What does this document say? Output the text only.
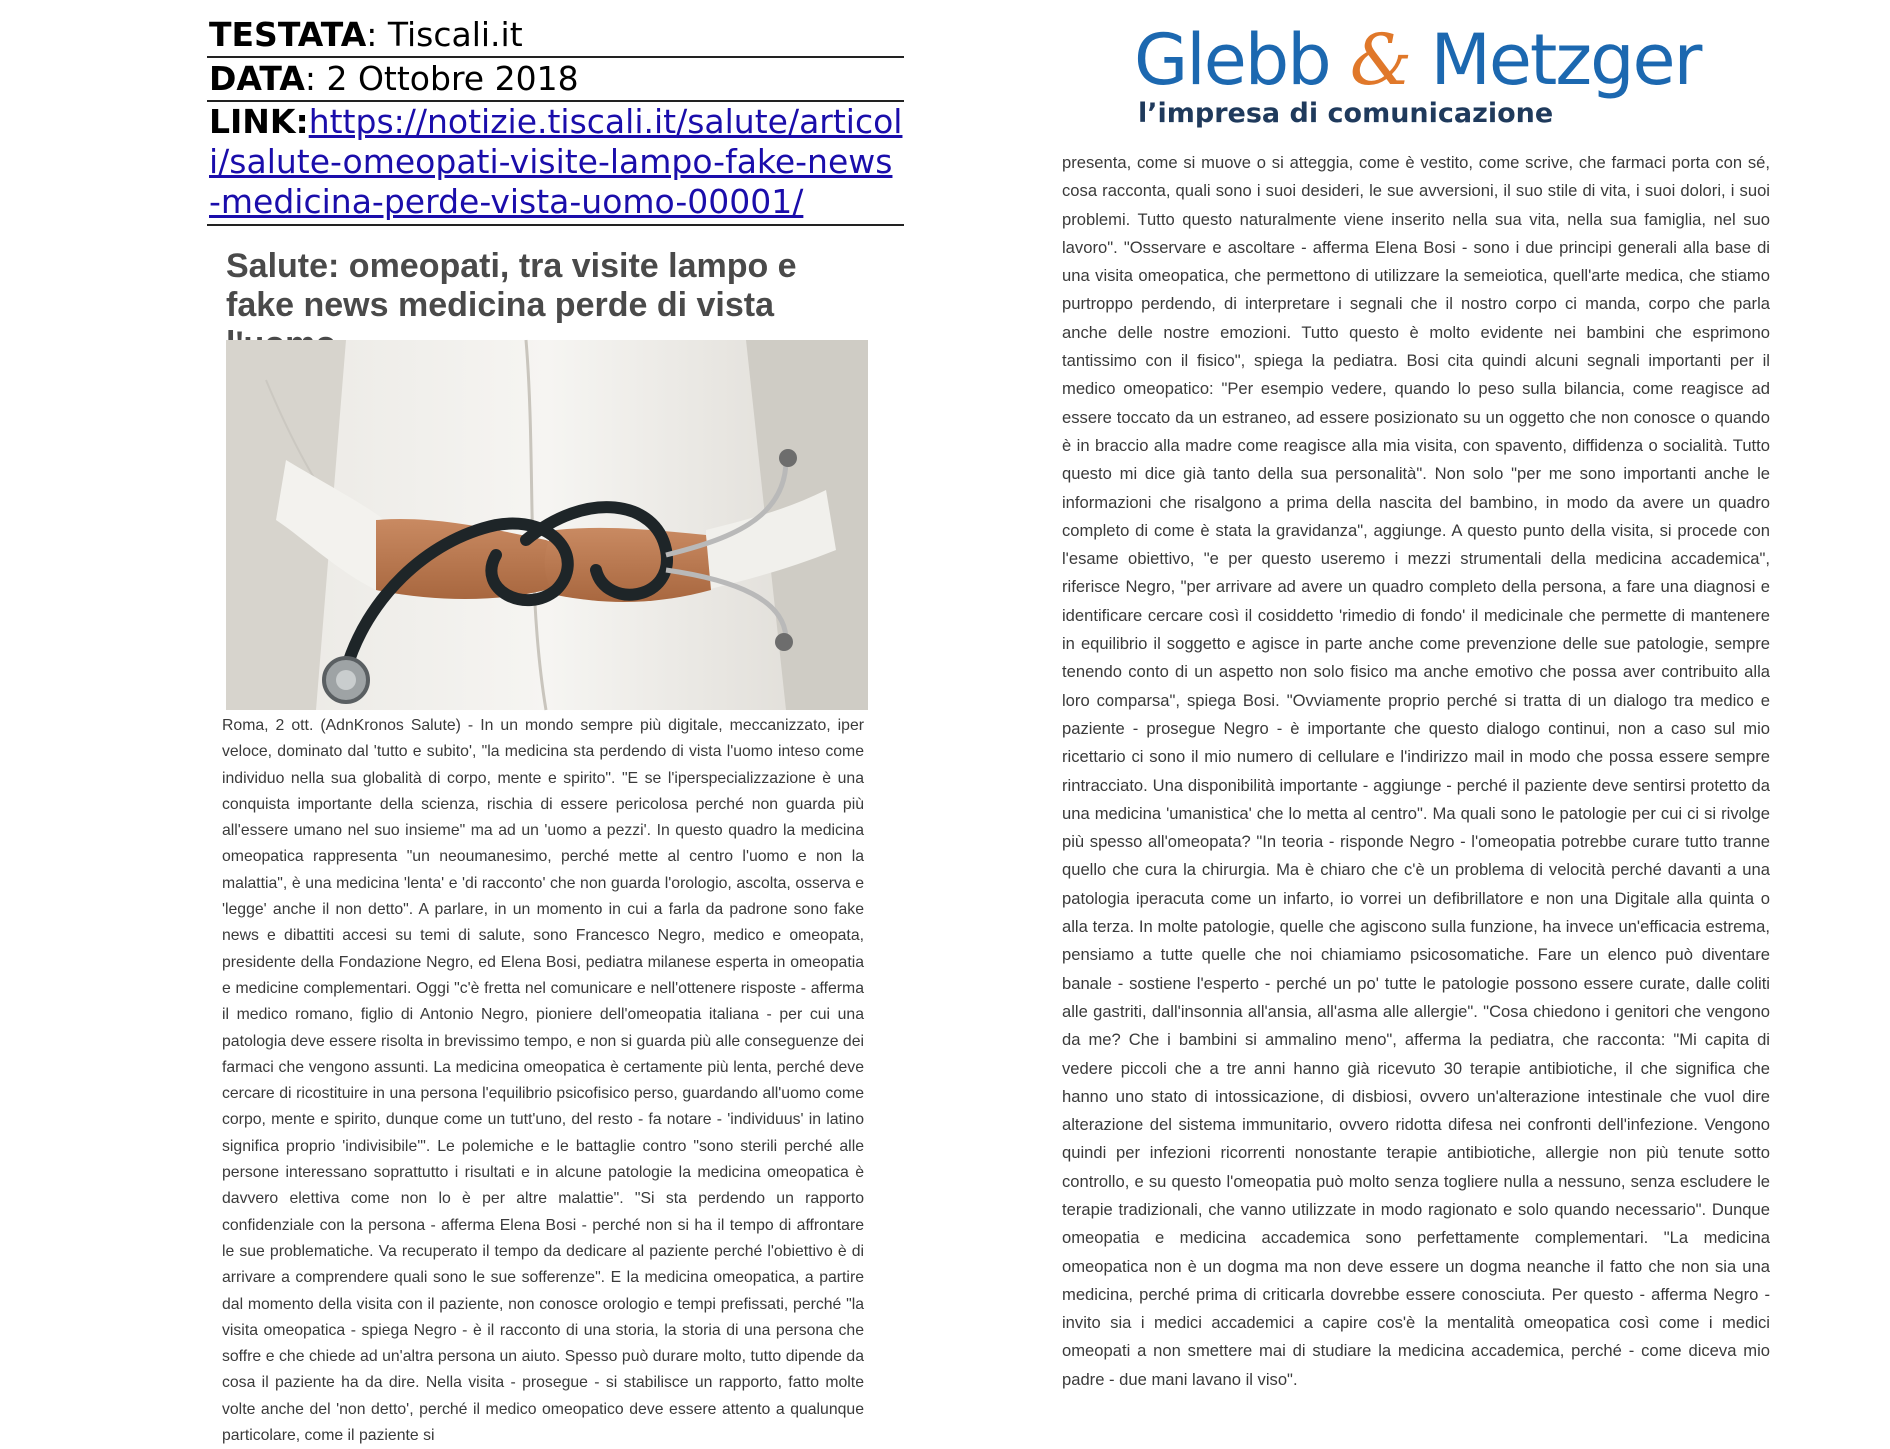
TESTATA: Tiscali.it
DATA: 2 Ottobre 2018
LINK:https://notizie.tiscali.it/salute/articoli/salute-omeopati-visite-lampo-fake-news-medicina-perde-vista-uomo-00001/
Glebb & Metzger
l’impresa di comunicazione
Salute: omeopati, tra visite lampo e fake news medicina perde di vista
Roma, 2 ott. (AdnKronos Salute) - In un mondo sempre più digitale, meccanizzato, iper veloce, dominato dal 'tutto e subito', "la medicina sta perdendo di vista l'uomo inteso come individuo nella sua globalità di corpo, mente e spirito". "E se l'iperspecializzazione è una conquista importante della scienza, rischia di essere pericolosa perché non guarda più all'essere umano nel suo insieme" ma ad un 'uomo a pezzi'. In questo quadro la medicina omeopatica rappresenta "un neoumanesimo, perché mette al centro l'uomo e non la malattia", è una medicina 'lenta' e 'di racconto' che non guarda l'orologio, ascolta, osserva e 'legge' anche il non detto". A parlare, in un momento in cui a farla da padrone sono fake news e dibattiti accesi su temi di salute, sono Francesco Negro, medico e omeopata, presidente della Fondazione Negro, ed Elena Bosi, pediatra milanese esperta in omeopatia e medicine complementari. Oggi "c'è fretta nel comunicare e nell'ottenere risposte - afferma il medico romano, figlio di Antonio Negro, pioniere dell'omeopatia italiana - per cui una patologia deve essere risolta in brevissimo tempo, e non si guarda più alle conseguenze dei farmaci che vengono assunti. La medicina omeopatica è certamente più lenta, perché deve cercare di ricostituire in una persona l'equilibrio psicofisico perso, guardando all'uomo come corpo, mente e spirito, dunque come un tutt'uno, del resto - fa notare - 'individuus' in latino significa proprio 'indivisibile'". Le polemiche e le battaglie contro "sono sterili perché alle persone interessano soprattutto i risultati e in alcune patologie la medicina omeopatica è davvero elettiva come non lo è per altre malattie". "Si sta perdendo un rapporto confidenziale con la persona - afferma Elena Bosi - perché non si ha il tempo di affrontare le sue problematiche. Va recuperato il tempo da dedicare al paziente perché l'obiettivo è di arrivare a comprendere quali sono le sue sofferenze". E la medicina omeopatica, a partire dal momento della visita con il paziente, non conosce orologio e tempi prefissati, perché "la visita omeopatica - spiega Negro - è il racconto di una storia, la storia di una persona che soffre e che chiede ad un'altra persona un aiuto. Spesso può durare molto, tutto dipende da cosa il paziente ha da dire. Nella visita - prosegue - si stabilisce un rapporto, fatto molte volte anche del 'non detto', perché il medico omeopatico deve essere attento a qualunque particolare, come il paziente si
presenta, come si muove o si atteggia, come è vestito, come scrive, che farmaci porta con sé, cosa racconta, quali sono i suoi desideri, le sue avversioni, il suo stile di vita, i suoi dolori, i suoi problemi. Tutto questo naturalmente viene inserito nella sua vita, nella sua famiglia, nel suo lavoro". "Osservare e ascoltare - afferma Elena Bosi - sono i due principi generali alla base di una visita omeopatica, che permettono di utilizzare la semeiotica, quell'arte medica, che stiamo purtroppo perdendo, di interpretare i segnali che il nostro corpo ci manda, corpo che parla anche delle nostre emozioni. Tutto questo è molto evidente nei bambini che esprimono tantissimo con il fisico", spiega la pediatra. Bosi cita quindi alcuni segnali importanti per il medico omeopatico: "Per esempio vedere, quando lo peso sulla bilancia, come reagisce ad essere toccato da un estraneo, ad essere posizionato su un oggetto che non conosce o quando è in braccio alla madre come reagisce alla mia visita, con spavento, diffidenza o socialità. Tutto questo mi dice già tanto della sua personalità". Non solo "per me sono importanti anche le informazioni che risalgono a prima della nascita del bambino, in modo da avere un quadro completo di come è stata la gravidanza", aggiunge. A questo punto della visita, si procede con l'esame obiettivo, "e per questo useremo i mezzi strumentali della medicina accademica", riferisce Negro, "per arrivare ad avere un quadro completo della persona, a fare una diagnosi e identificare cercare così il cosiddetto 'rimedio di fondo' il medicinale che permette di mantenere in equilibrio il soggetto e agisce in parte anche come prevenzione delle sue patologie, sempre tenendo conto di un aspetto non solo fisico ma anche emotivo che possa aver contribuito alla loro comparsa", spiega Bosi. "Ovviamente proprio perché si tratta di un dialogo tra medico e paziente - prosegue Negro - è importante che questo dialogo continui, non a caso sul mio ricettario ci sono il mio numero di cellulare e l'indirizzo mail in modo che possa essere sempre rintracciato. Una disponibilità importante - aggiunge - perché il paziente deve sentirsi protetto da una medicina 'umanistica' che lo metta al centro". Ma quali sono le patologie per cui ci si rivolge più spesso all'omeopata? "In teoria - risponde Negro - l'omeopatia potrebbe curare tutto tranne quello che cura la chirurgia. Ma è chiaro che c'è un problema di velocità perché davanti a una patologia iperacuta come un infarto, io vorrei un defibrillatore e non una Digitale alla quinta o alla terza. In molte patologie, quelle che agiscono sulla funzione, ha invece un'efficacia estrema, pensiamo a tutte quelle che noi chiamiamo psicosomatiche. Fare un elenco può diventare banale - sostiene l'esperto - perché un po' tutte le patologie possono essere curate, dalle coliti alle gastriti, dall'insonnia all'ansia, all'asma alle allergie". "Cosa chiedono i genitori che vengono da me? Che i bambini si ammalino meno", afferma la pediatra, che racconta: "Mi capita di vedere piccoli che a tre anni hanno già ricevuto 30 terapie antibiotiche, il che significa che hanno uno stato di intossicazione, di disbiosi, ovvero un'alterazione intestinale che vuol dire alterazione del sistema immunitario, ovvero ridotta difesa nei confronti dell'infezione. Vengono quindi per infezioni ricorrenti nonostante terapie antibiotiche, allergie non più tenute sotto controllo, e su questo l'omeopatia può molto senza togliere nulla a nessuno, senza escludere le terapie tradizionali, che vanno utilizzate in modo ragionato e solo quando necessario". Dunque omeopatia e medicina accademica sono perfettamente complementari. "La medicina omeopatica non è un dogma ma non deve essere un dogma neanche il fatto che non sia una medicina, perché prima di criticarla dovrebbe essere conosciuta. Per questo - afferma Negro - invito sia i medici accademici a capire cos'è la mentalità omeopatica così come i medici omeopati a non smettere mai di studiare la medicina accademica, perché - come diceva mio padre - due mani lavano il viso".
